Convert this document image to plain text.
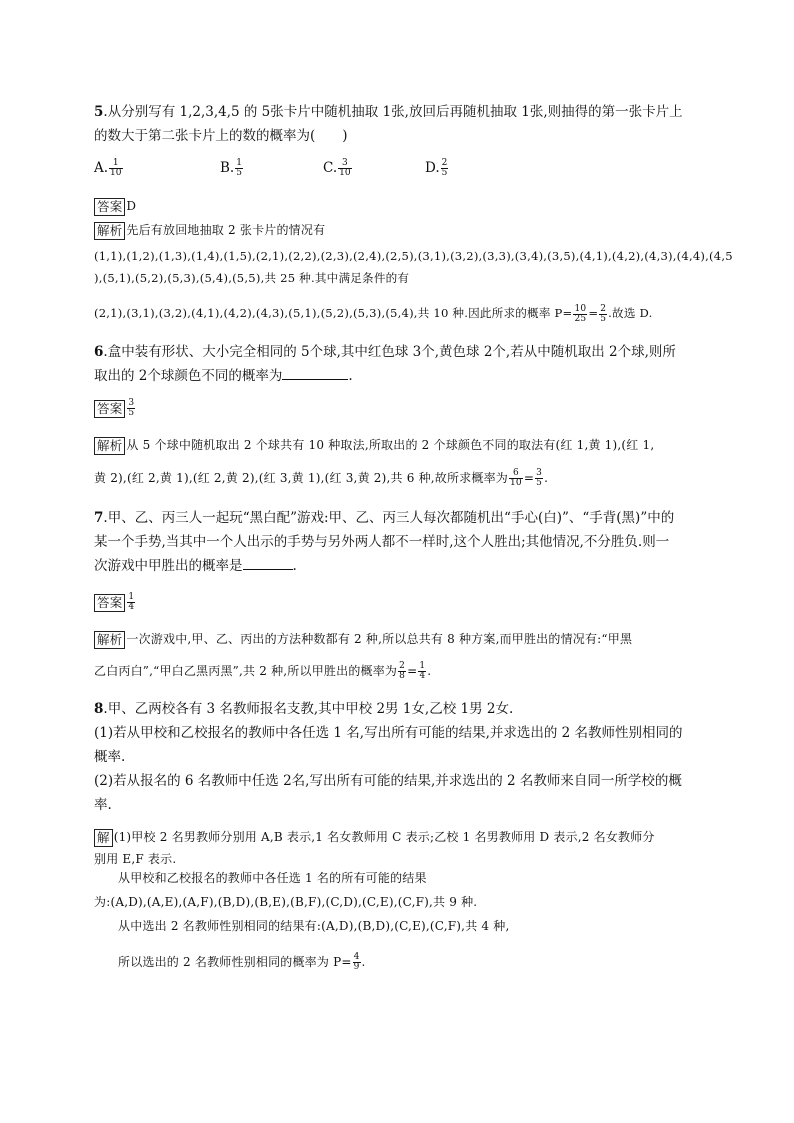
5.从分别写有 1,2,3,4,5 的 5张卡片中随机抽取 1张,放回后再随机抽取 1张,则抽得的第一张卡片上
的数大于第二张卡片上的数的概率为(　　)
A. $\frac{1}{10}$	B. $\frac{1}{5}$	C. $\frac{3}{10}$	D. $\frac{2}{5}$
答案 D
解析 先后有放回地抽取 2 张卡片的情况有
(1,1),(1,2),(1,3),(1,4),(1,5),(2,1),(2,2),(2,3),(2,4),(2,5),(3,1),(3,2),(3,3),(3,4),(3,5),(4,1),(4,2),(4,3),(4,4),(4,5
),(5,1),(5,2),(5,3),(5,4),(5,5),共 25 种.其中满足条件的有
(2,1),(3,1),(3,2),(4,1),(4,2),(4,3),(5,1),(5,2),(5,3),(5,4),共 10 种.因此所求的概率 $P= \frac{10}{25} = \frac{2}{5}$ .故选 D.
6.盒中装有形状、大小完全相同的 5个球,其中红色球 3个,黄色球 2个,若从中随机取出 2个球,则所
取出的 2个球颜色不同的概率为	.
答案 $\frac{3}{5}$
解析 从 5 个球中随机取出 2 个球共有 10 种取法,所取出的 2 个球颜色不同的取法有(红 1,黄 1),(红 1,
黄 2),(红 2,黄 1),(红 2,黄 2),(红 3,黄 1),(红 3,黄 2),共 6 种,故所求概率为 $\frac{6}{10} = \frac{3}{5}$ .
7.甲、乙、丙三人一起玩“黑白配”游戏:甲、乙、丙三人每次都随机出“手心(白)”、“手背(黑)”中的
某一个手势,当其中一个人出示的手势与另外两人都不一样时,这个人胜出;其他情况,不分胜负.则一
次游戏中甲胜出的概率是	.
答案 $\frac{1}{4}$
解析 一次游戏中,甲、乙、丙出的方法种数都有 2 种,所以总共有 8 种方案,而甲胜出的情况有:“甲黑
乙白丙白”,“甲白乙黑丙黑”,共 2 种,所以甲胜出的概率为 $\frac{2}{8} = \frac{1}{4}$ .
8.甲、乙两校各有 3 名教师报名支教,其中甲校 2男 1女,乙校 1男 2女.
(1)若从甲校和乙校报名的教师中各任选 1 名,写出所有可能的结果,并求选出的 2 名教师性别相同的
概率.
(2)若从报名的 6 名教师中任选 2名,写出所有可能的结果,并求选出的 2 名教师来自同一所学校的概
率.
解 (1)甲校 2 名男教师分别用 A,B 表示,1 名女教师用 C 表示;乙校 1 名男教师用 D 表示,2 名女教师分
别用 E,F 表示.
从甲校和乙校报名的教师中各任选 1 名的所有可能的结果
为:(A,D),(A,E),(A,F),(B,D),(B,E),(B,F),(C,D),(C,E),(C,F),共 9 种.
从中选出 2 名教师性别相同的结果有:(A,D),(B,D),(C,E),(C,F),共 4 种,
所以选出的 2 名教师性别相同的概率为 $P= \frac{4}{9}$ .
